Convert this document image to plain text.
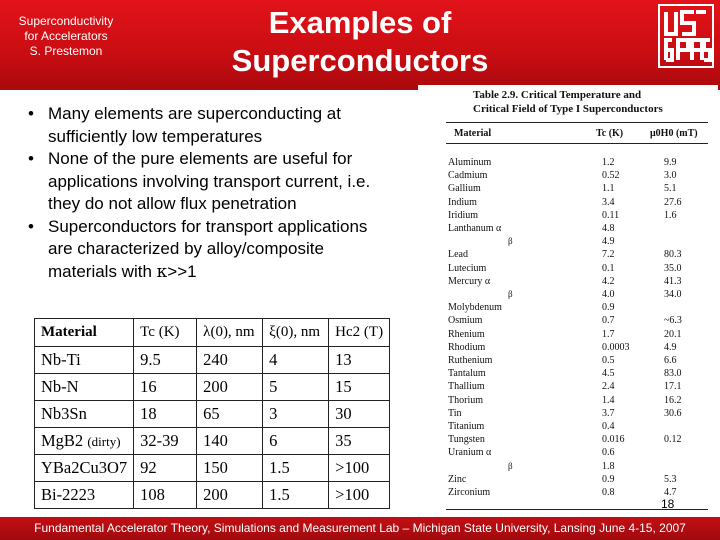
Superconductivity
for Accelerators
S. Prestemon
Examples of
Superconductors
• Many elements are superconducting at
sufficiently low temperatures
• None of the pure elements are useful for
applications involving transport current, i.e.
they do not allow flux penetration
• Superconductors for transport applications
are characterized by alloy/composite
materials with κ>>1
Material	Tc (K)	λ(0), nm	ξ(0), nm	Hc2 (T)
Nb-Ti	9.5	240	4	13
Nb-N	16	200	5	15
Nb3Sn	18	65	3	30
MgB2 (dirty)	32-39	140	6	35
YBa2Cu3O7	92	150	1.5	>100
Bi-2223	108	200	1.5	>100
Table 2.9. Critical Temperature and
Critical Field of Type I Superconductors
Material	Tc (K)	μ0H0 (mT)
Aluminum	1.2	9.9
Cadmium	0.52	3.0
Gallium	1.1	5.1
Indium	3.4	27.6
Iridium	0.11	1.6
Lanthanum α	4.8
β	4.9
Lead	7.2	80.3
Lutecium	0.1	35.0
Mercury α	4.2	41.3
β	4.0	34.0
Molybdenum	0.9
Osmium	0.7	~6.3
Rhenium	1.7	20.1
Rhodium	0.0003	4.9
Ruthenium	0.5	6.6
Tantalum	4.5	83.0
Thallium	2.4	17.1
Thorium	1.4	16.2
Tin	3.7	30.6
Titanium	0.4
Tungsten	0.016	0.12
Uranium α	0.6
β	1.8
Zinc	0.9	5.3
Zirconium	0.8	4.7
18
Fundamental Accelerator Theory, Simulations and Measurement Lab – Michigan State University, Lansing June 4-15, 2007
